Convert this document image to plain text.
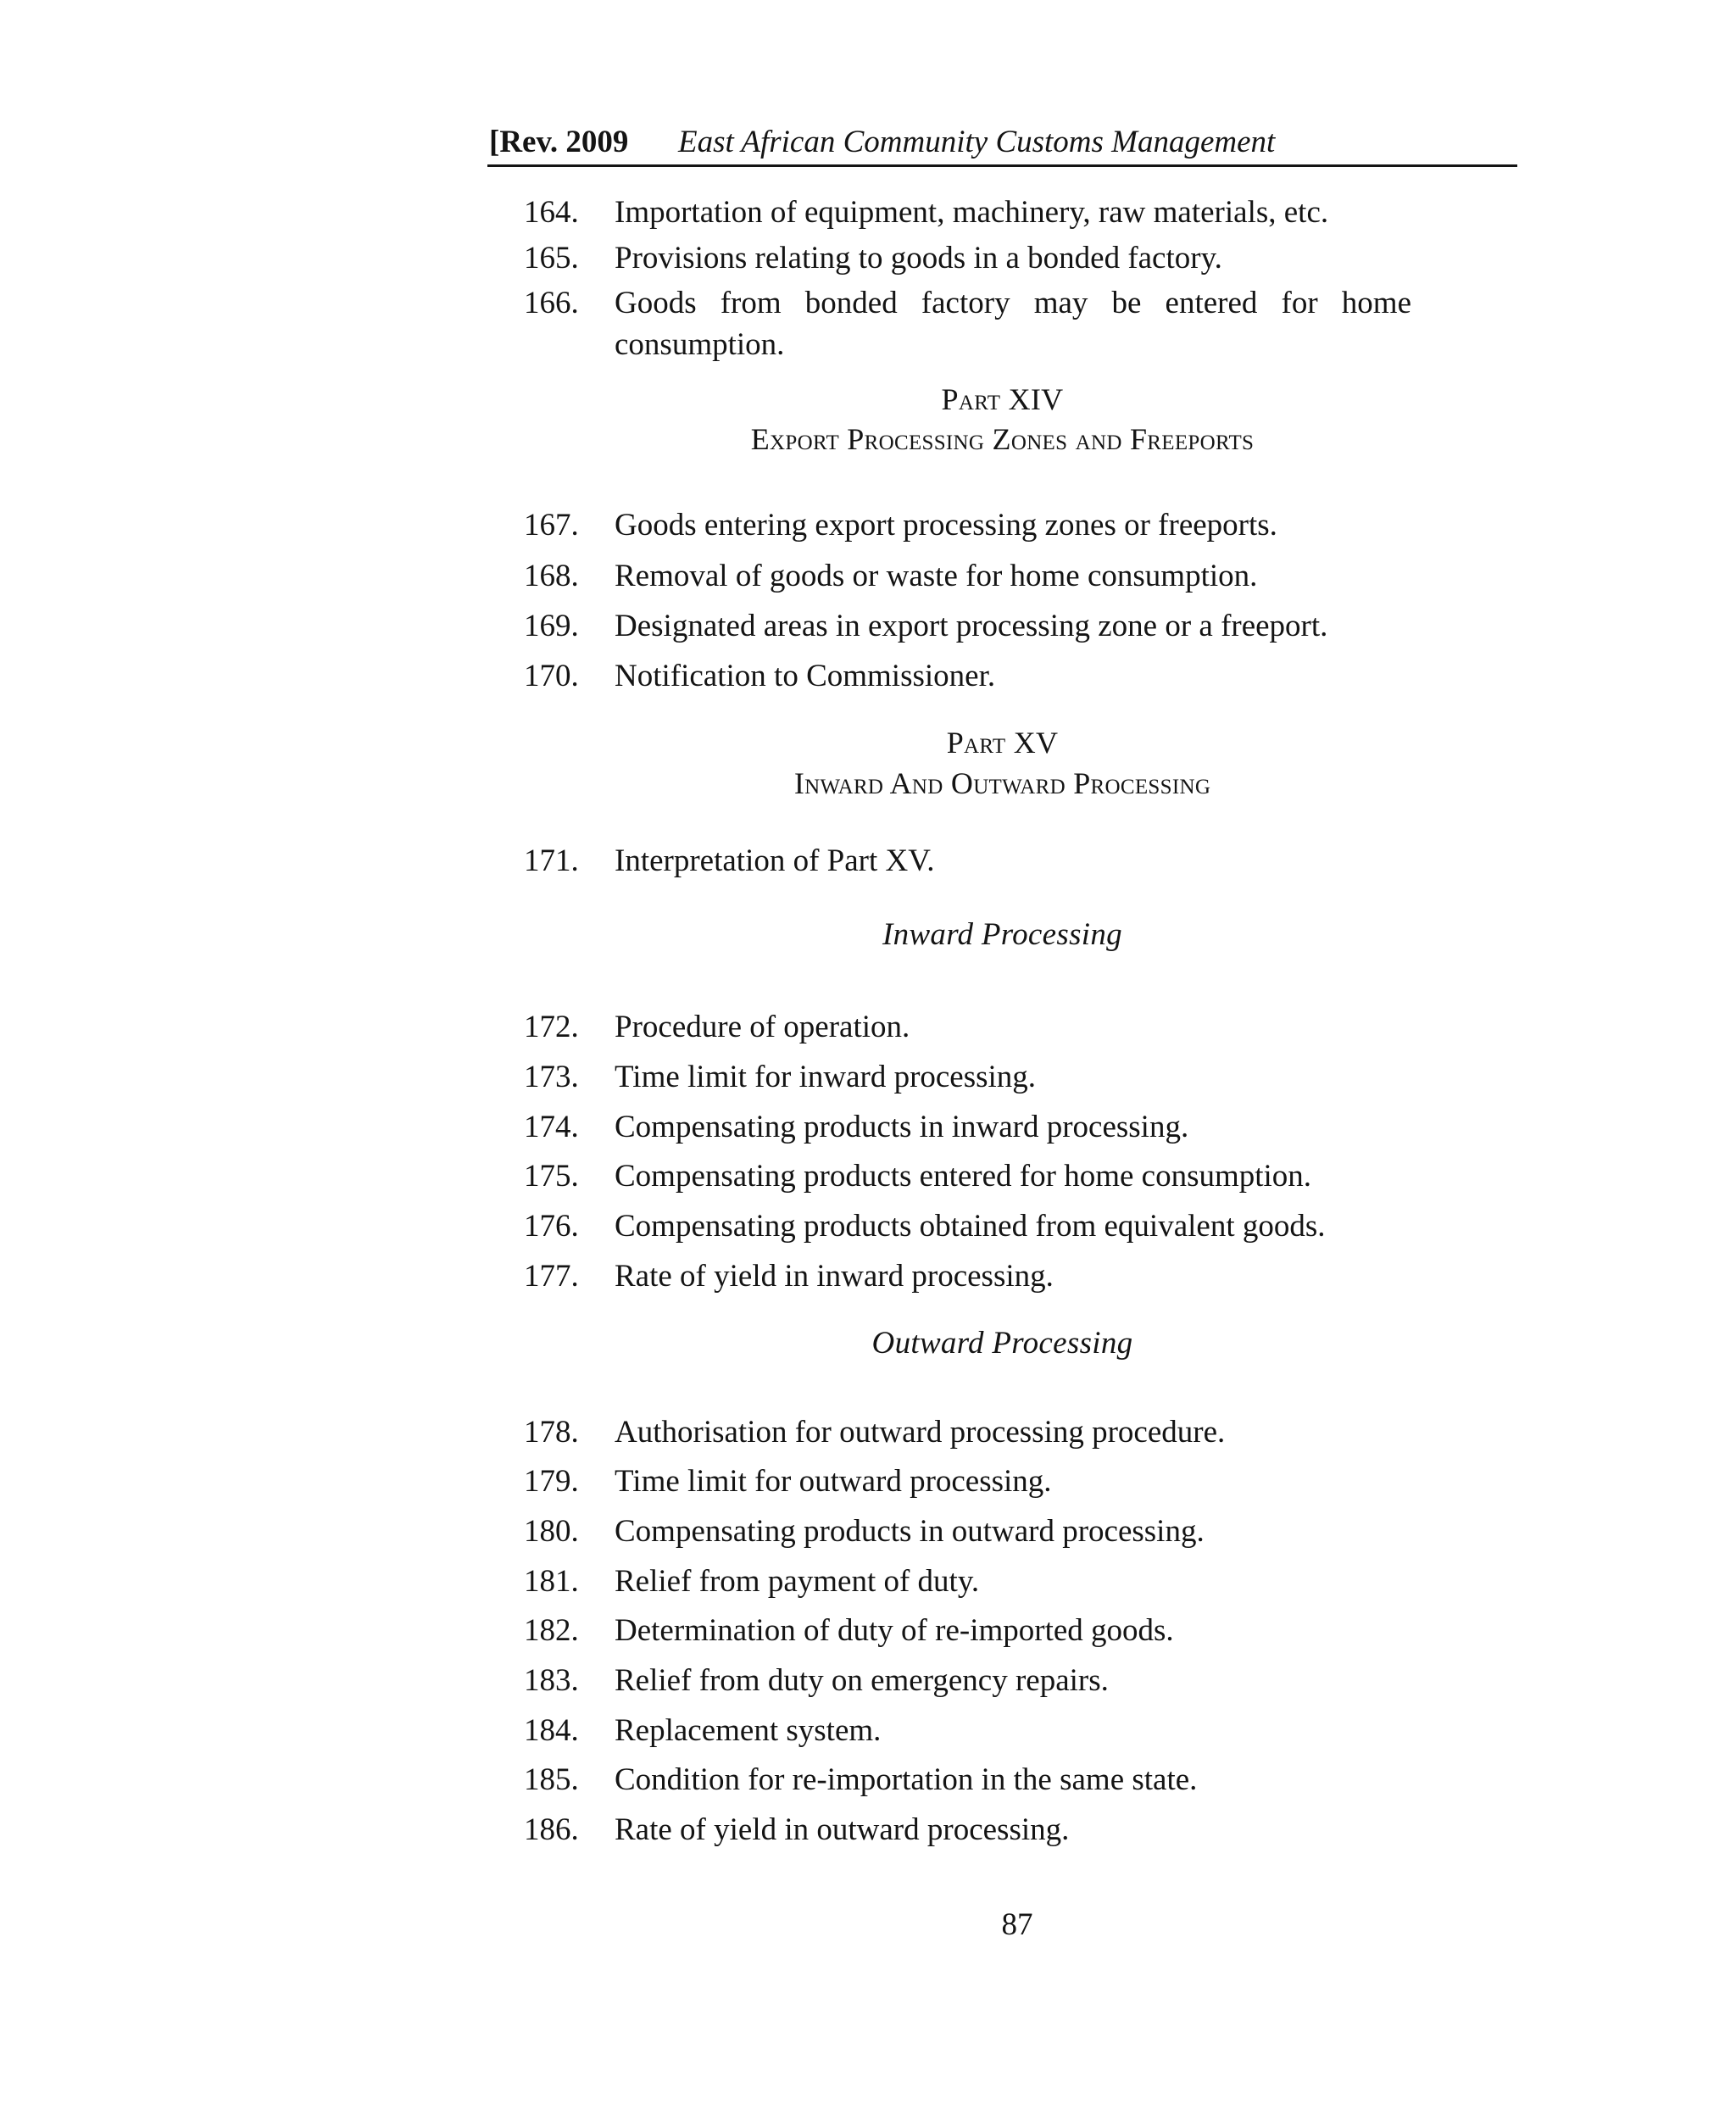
[Rev. 2009 East African Community Customs Management
164.	Importation of equipment, machinery, raw materials, etc.
165.	Provisions relating to goods in a bonded factory.
166.	Goods from bonded factory may be entered for home consumption.
Part XIV
Export Processing Zones and Freeports
167.	Goods entering export processing zones or freeports.
168.	Removal of goods or waste for home consumption.
169.	Designated areas in export processing zone or a freeport.
170.	Notification to Commissioner.
Part XV
Inward And Outward Processing
171.	Interpretation of Part XV.
Inward Processing
172.	Procedure of operation.
173.	Time limit for inward processing.
174.	Compensating products in inward processing.
175.	Compensating products entered for home consumption.
176.	Compensating products obtained from equivalent goods.
177.	Rate of yield in inward processing.
Outward Processing
178.	Authorisation for outward processing procedure.
179.	Time limit for outward processing.
180.	Compensating products in outward processing.
181.	Relief from payment of duty.
182.	Determination of duty of re-imported goods.
183.	Relief from duty on emergency repairs.
184.	Replacement system.
185.	Condition for re-importation in the same state.
186.	Rate of yield in outward processing.
87
